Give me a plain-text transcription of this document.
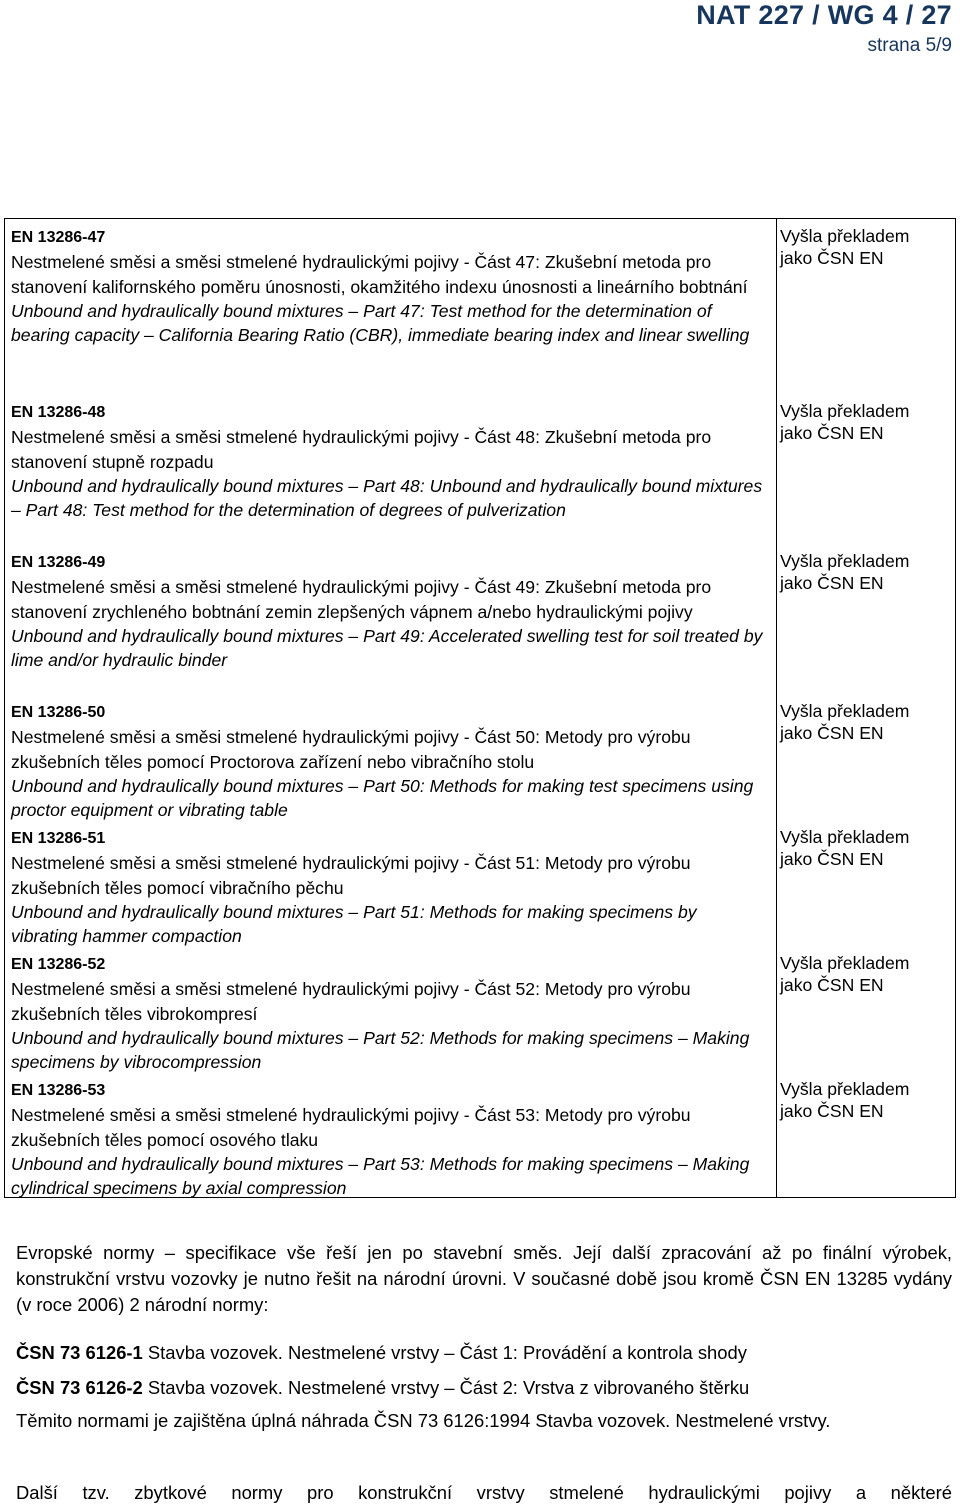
NAT 227 / WG 4 / 27
strana 5/9
EN 13286-47
Nestmelené směsi a směsi stmelené hydraulickými pojivy - Část 47: Zkušební metoda pro stanovení kalifornského poměru únosnosti, okamžitého indexu únosnosti a lineárního bobtnání
Unbound and hydraulically bound mixtures – Part 47: Test method for the determination of bearing capacity – California Bearing Ratio (CBR), immediate bearing index and linear swelling
Vyšla překladem
jako ČSN EN
EN 13286-48
Nestmelené směsi a směsi stmelené hydraulickými pojivy - Část 48: Zkušební metoda pro stanovení stupně rozpadu
Unbound and hydraulically bound mixtures – Part 48: Unbound and hydraulically bound mixtures – Part 48: Test method for the determination of degrees of pulverization
Vyšla překladem
jako ČSN EN
EN 13286-49
Nestmelené směsi a směsi stmelené hydraulickými pojivy - Část 49: Zkušební metoda pro stanovení zrychleného bobtnání zemin zlepšených vápnem a/nebo hydraulickými pojivy
Unbound and hydraulically bound mixtures – Part 49: Accelerated swelling test for soil treated by lime and/or hydraulic binder
Vyšla překladem
jako ČSN EN
EN 13286-50
Nestmelené směsi a směsi stmelené hydraulickými pojivy - Část 50: Metody pro výrobu zkušebních těles pomocí Proctorova zařízení nebo vibračního stolu
Unbound and hydraulically bound mixtures – Part 50: Methods for making test specimens using proctor equipment or vibrating table
Vyšla překladem
jako ČSN EN
EN 13286-51
Nestmelené směsi a směsi stmelené hydraulickými pojivy - Část 51: Metody pro výrobu zkušebních těles pomocí vibračního pěchu
Unbound and hydraulically bound mixtures – Part 51: Methods for making specimens by vibrating hammer compaction
Vyšla překladem
jako ČSN EN
EN 13286-52
Nestmelené směsi a směsi stmelené hydraulickými pojivy - Část 52: Metody pro výrobu zkušebních těles vibrokompresí
Unbound and hydraulically bound mixtures – Part 52: Methods for making specimens – Making specimens by vibrocompression
Vyšla překladem
jako ČSN EN
EN 13286-53
Nestmelené směsi a směsi stmelené hydraulickými pojivy - Část 53: Metody pro výrobu zkušebních těles pomocí osového tlaku
Unbound and hydraulically bound mixtures – Part 53: Methods for making specimens – Making cylindrical specimens by axial compression
Vyšla překladem
jako ČSN EN
Evropské normy – specifikace vše řeší jen po stavební směs. Její další zpracování až po finální výrobek, konstrukční vrstvu vozovky je nutno řešit na národní úrovni. V současné době jsou kromě ČSN EN 13285 vydány (v roce 2006) 2 národní normy:
ČSN 73 6126-1 Stavba vozovek. Nestmelené vrstvy – Část 1: Provádění a kontrola shody
ČSN 73 6126-2 Stavba vozovek. Nestmelené vrstvy – Část 2: Vrstva z vibrovaného štěrku
Těmito normami je zajištěna úplná náhrada ČSN 73 6126:1994 Stavba vozovek. Nestmelené vrstvy.
Další tzv. zbytkové normy pro konstrukční vrstvy stmelené hydraulickými pojivy a některé
